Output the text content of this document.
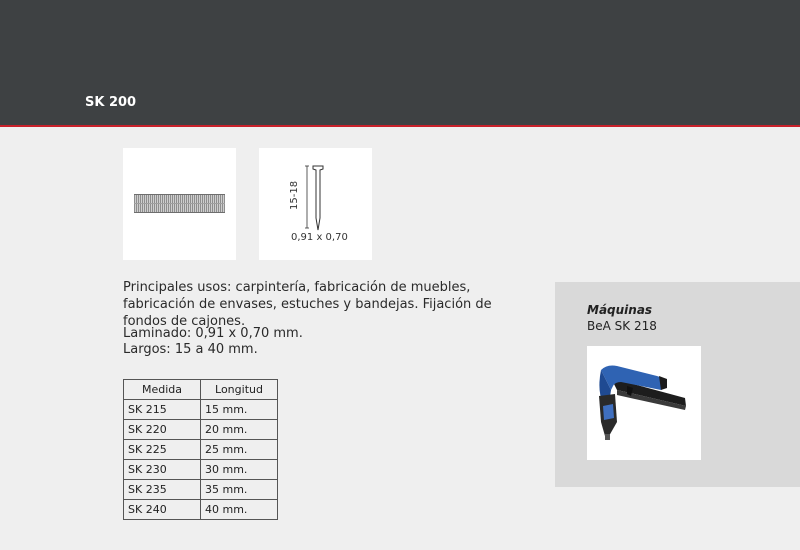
SK 200
15-18
0,91 x 0,70
Principales usos: carpintería, fabricación de muebles, fabricación de envases, estuches y bandejas. Fijación de fondos de cajones.
Laminado: 0,91 x 0,70 mm.
Largos: 15 a 40 mm.
Medida	Longitud
SK 215	15 mm.
SK 220	20 mm.
SK 225	25 mm.
SK 230	30 mm.
SK 235	35 mm.
SK 240	40 mm.
Máquinas
BeA SK 218
